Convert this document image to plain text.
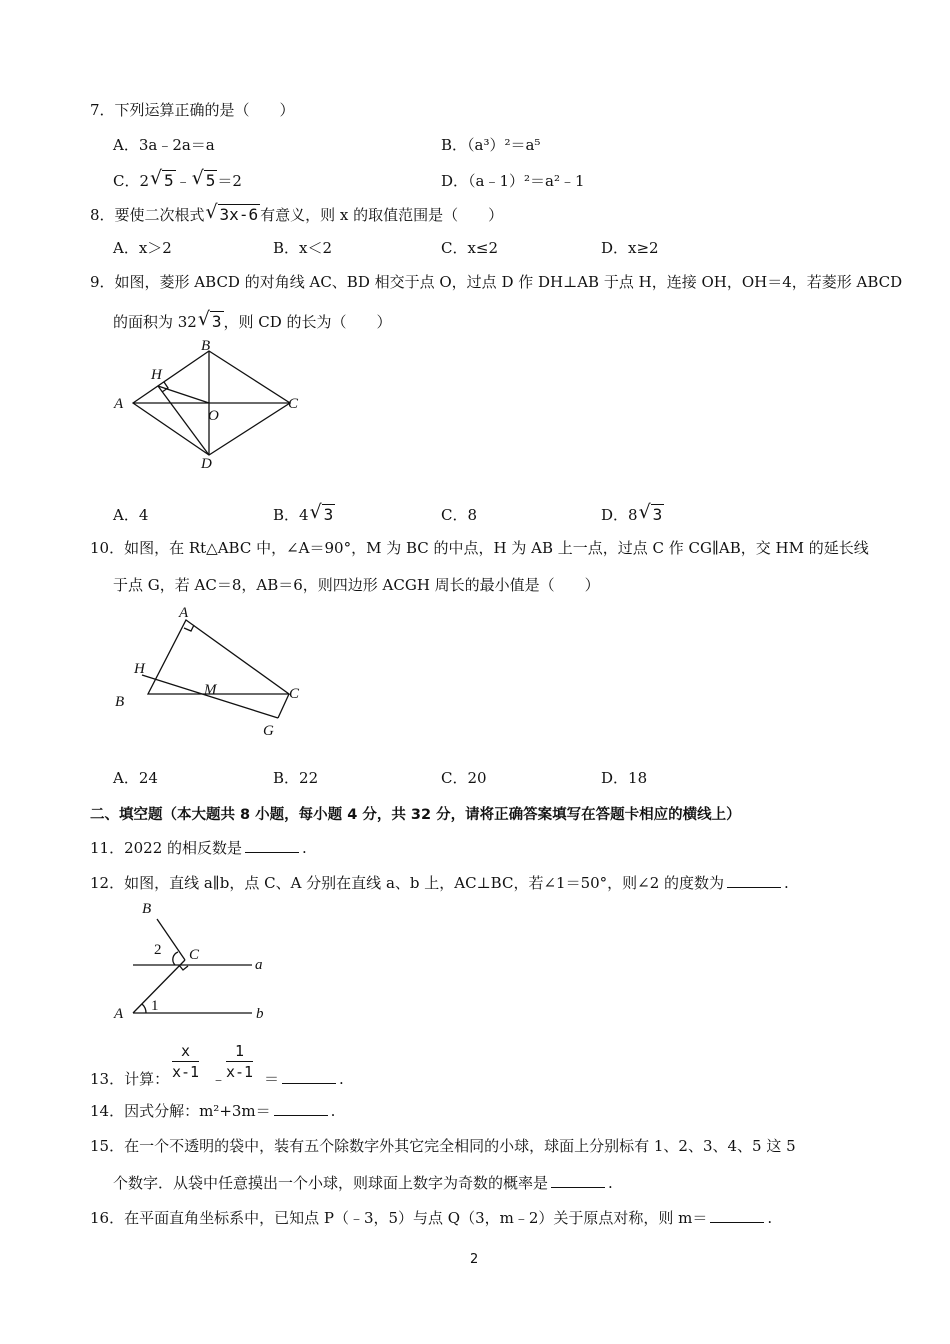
7．下列运算正确的是（　　）
A．3a﹣2a＝a	B．（a³）²＝a⁵
C．2 √ 5 ﹣ √ 5 ＝2	D．（a﹣1）²＝a²﹣1
8．要使二次根式 √ 3x-6 有意义，则 x 的取值范围是（　　）
A．x＞2	B．x＜2	C．x≤2	D．x≥2
9．如图，菱形 ABCD 的对角线 AC、BD 相交于点 O，过点 D 作 DH⊥AB 于点 H，连接 OH，OH＝4，若菱形 ABCD
的面积为 32 √ 3 ，则 CD 的长为（　　）
A
B
C
D
H
O
A．4	B．4 √ 3	C．8	D．8 √ 3
10．如图，在 Rt△ABC 中，∠A＝90°，M 为 BC 的中点，H 为 AB 上一点，过点 C 作 CG∥AB，交 HM 的延长线
于点 G，若 AC＝8，AB＝6，则四边形 ACGH 周长的最小值是（　　）
A
B	C
H
M
G
A．24	B．22	C．20	D．18
二、填空题（本大题共 8 小题，每小题 4 分，共 32 分，请将正确答案填写在答题卡相应的横线上）
11．2022 的相反数是	.
12．如图，直线 a∥b，点 C、A 分别在直线 a、b 上，AC⊥BC，若∠1＝50°，则∠2 的度数为	.
B
C
A
a
b
1
2
13．计算： $\frac{x}{x-1}$ ﹣ $\frac{1}{x-1}$ ＝	.
14．因式分解：m²+3m＝	.
15．在一个不透明的袋中，装有五个除数字外其它完全相同的小球，球面上分别标有 1、2、3、4、5 这 5
个数字．从袋中任意摸出一个小球，则球面上数字为奇数的概率是	.
16．在平面直角坐标系中，已知点 P（﹣3，5）与点 Q（3，m﹣2）关于原点对称，则 m＝	.
2
